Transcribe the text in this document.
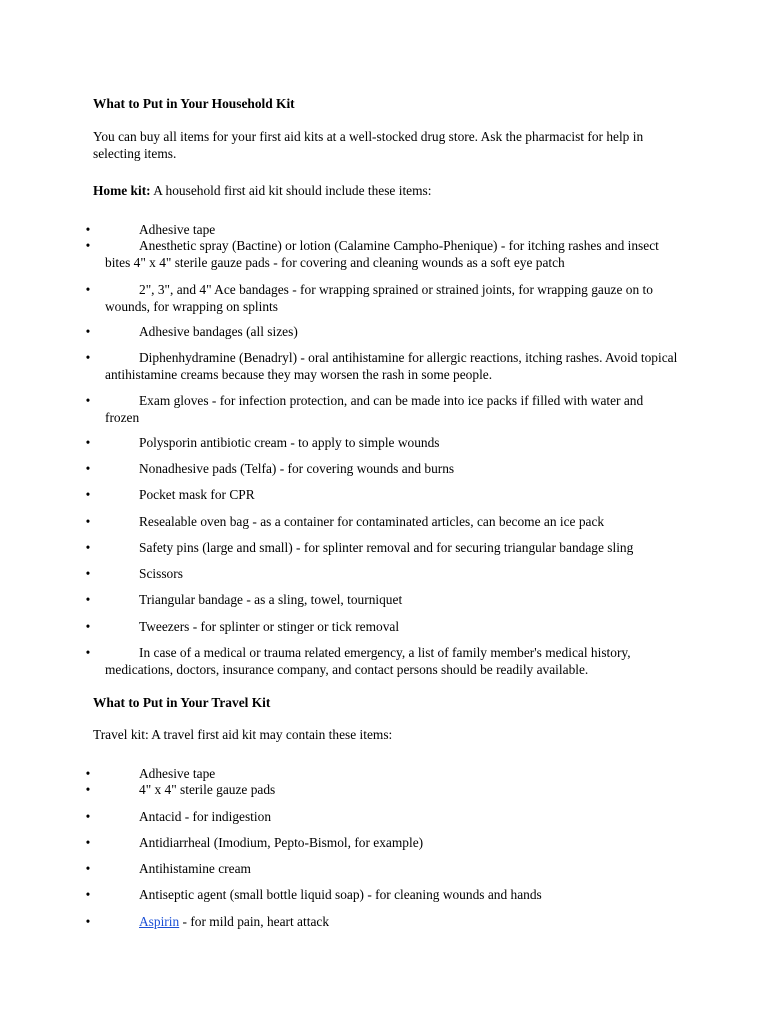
What to Put in Your Household Kit
You can buy all items for your first aid kits at a well-stocked drug store. Ask the pharmacist for help in selecting items.
Home kit: A household first aid kit should include these items:
•	Adhesive tape
•	Anesthetic spray (Bactine) or lotion (Calamine Campho-Phenique) - for itching rashes and insect bites 4" x 4" sterile gauze pads - for covering and cleaning wounds as a soft eye patch
•	2", 3", and 4" Ace bandages - for wrapping sprained or strained joints, for wrapping gauze on to wounds, for wrapping on splints
•	Adhesive bandages (all sizes)
•	Diphenhydramine (Benadryl) - oral antihistamine for allergic reactions, itching rashes. Avoid topical antihistamine creams because they may worsen the rash in some people.
•	Exam gloves - for infection protection, and can be made into ice packs if filled with water and frozen
•	Polysporin antibiotic cream - to apply to simple wounds
•	Nonadhesive pads (Telfa) - for covering wounds and burns
•	Pocket mask for CPR
•	Resealable oven bag - as a container for contaminated articles, can become an ice pack
•	Safety pins (large and small) - for splinter removal and for securing triangular bandage sling
•	Scissors
•	Triangular bandage - as a sling, towel, tourniquet
•	Tweezers - for splinter or stinger or tick removal
•	In case of a medical or trauma related emergency, a list of family member's medical history, medications, doctors, insurance company, and contact persons should be readily available.
What to Put in Your Travel Kit
Travel kit: A travel first aid kit may contain these items:
•	Adhesive tape
•	4" x 4" sterile gauze pads
•	Antacid - for indigestion
•	Antidiarrheal (Imodium, Pepto-Bismol, for example)
•	Antihistamine cream
•	Antiseptic agent (small bottle liquid soap) - for cleaning wounds and hands
•	Aspirin - for mild pain, heart attack
